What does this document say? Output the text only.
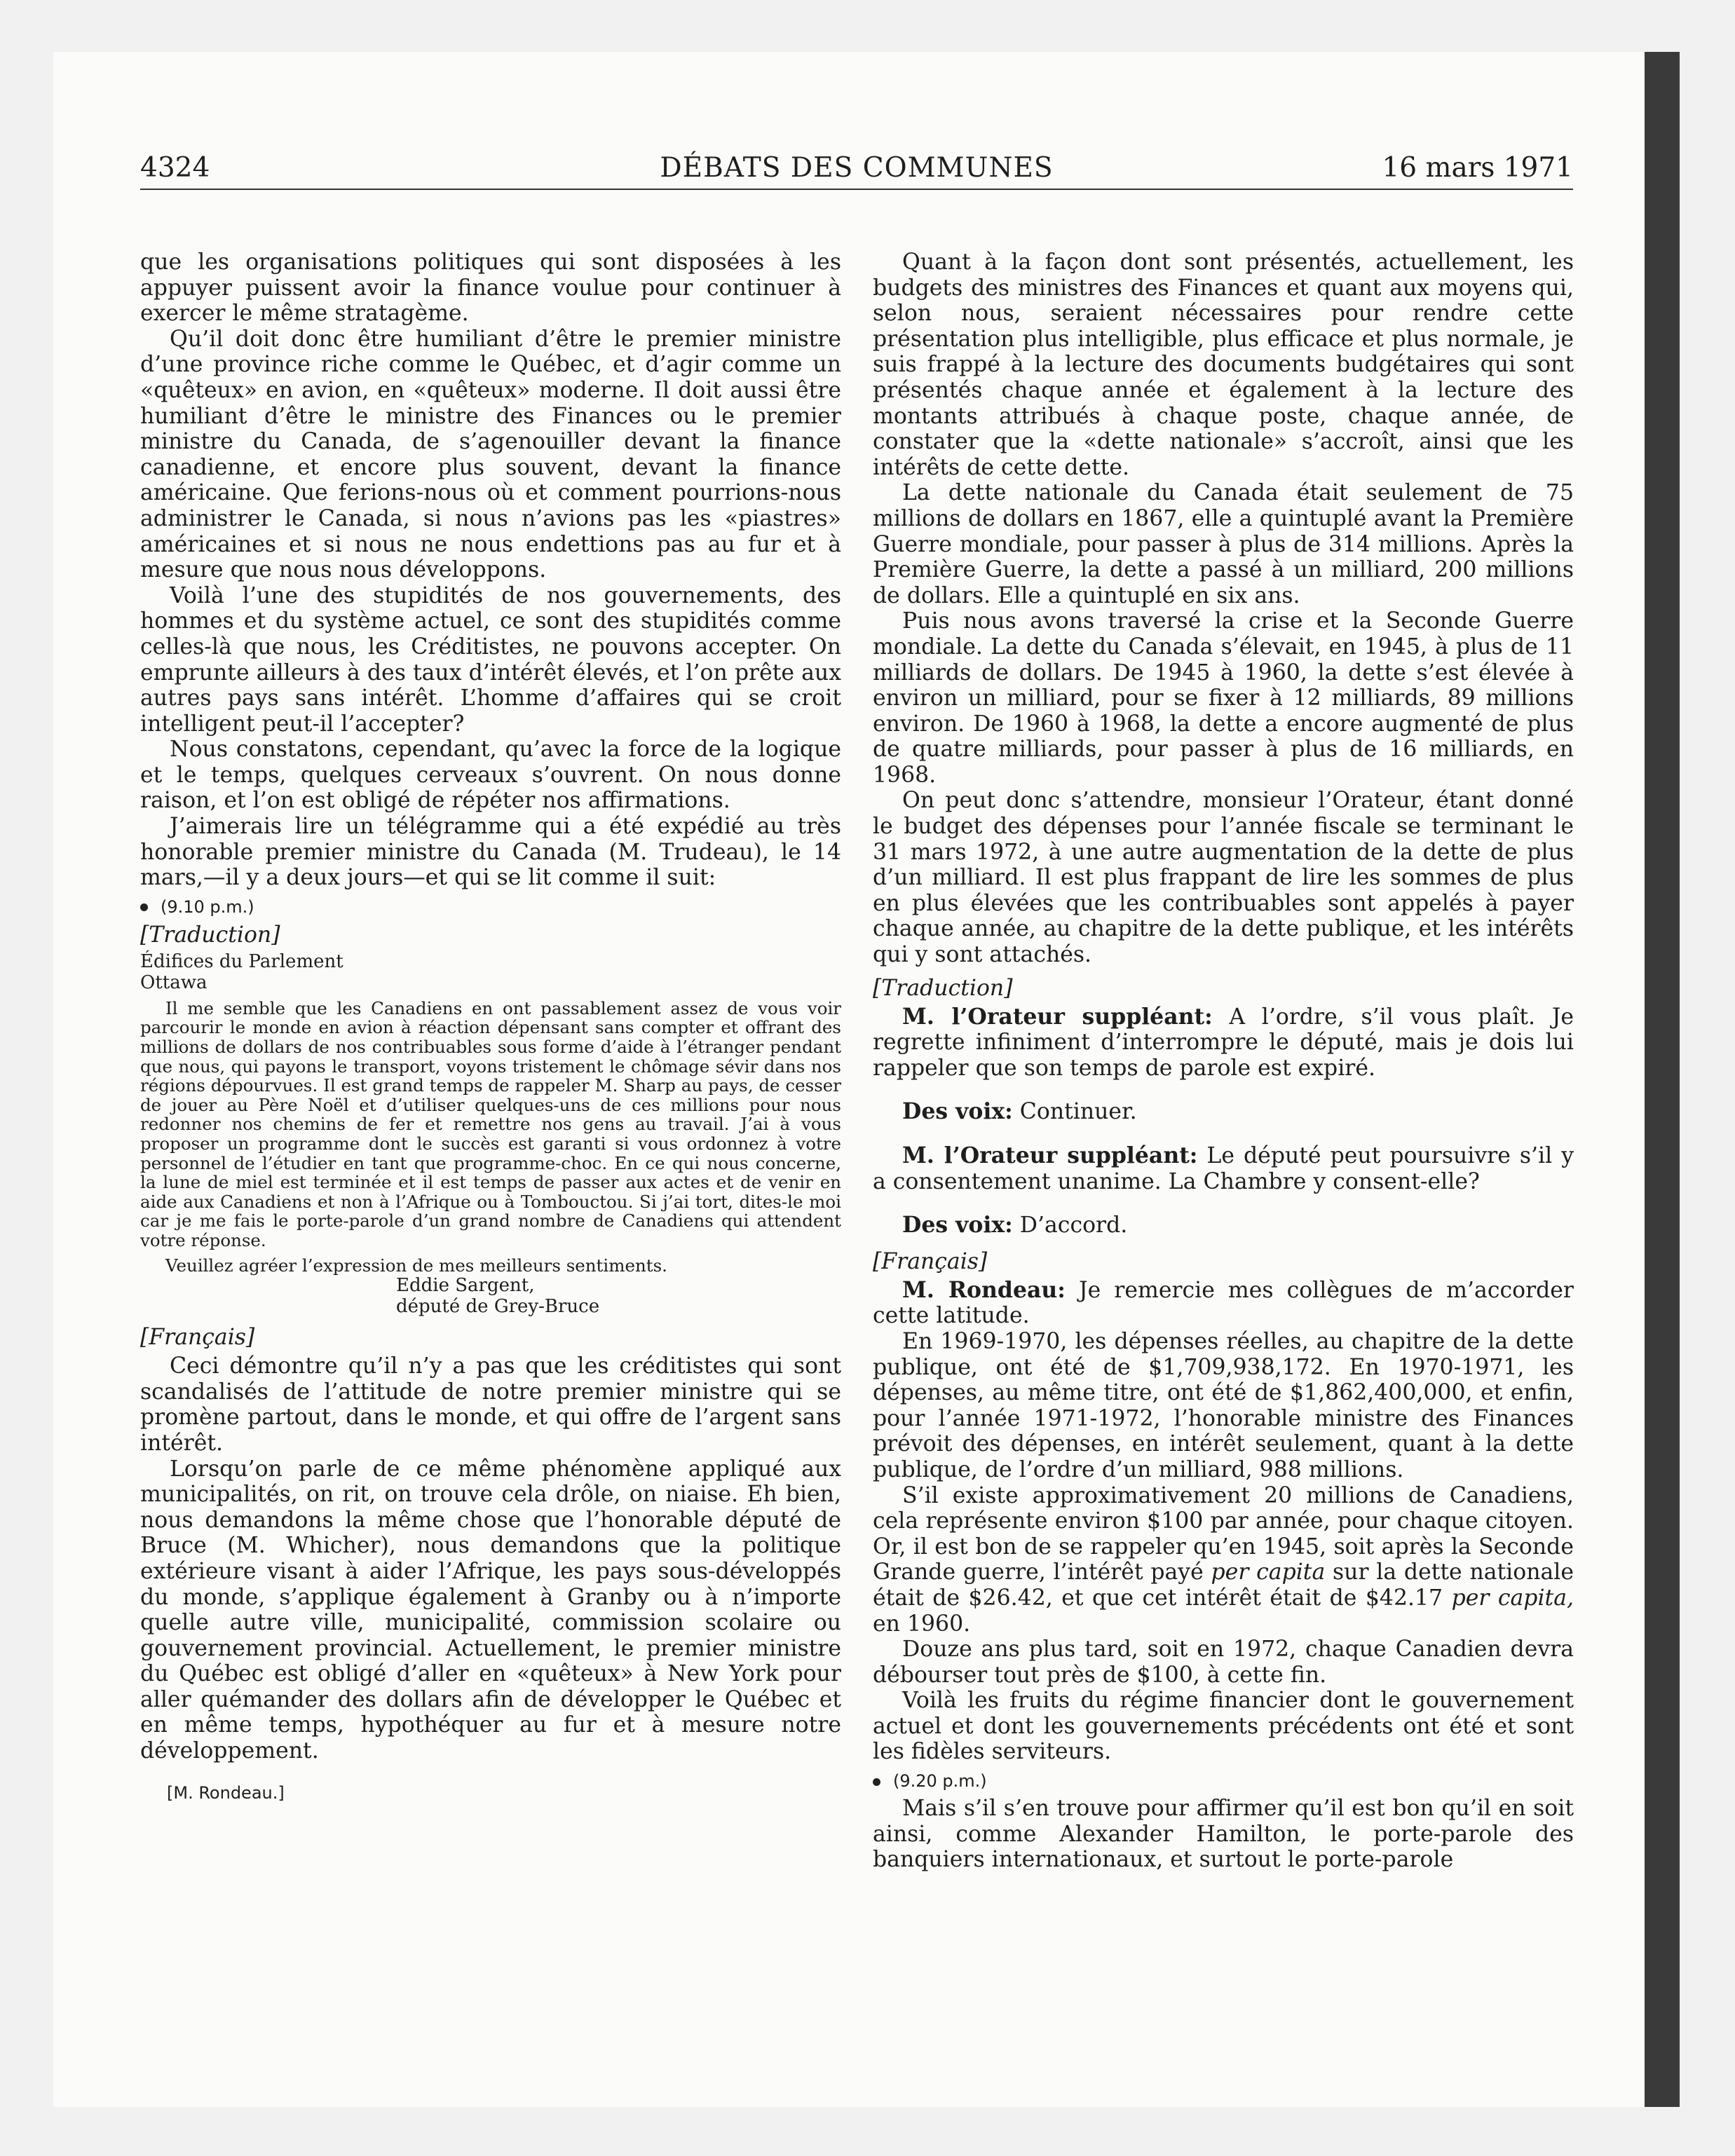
4324	DÉBATS DES COMMUNES	16 mars 1971

que les organisations politiques qui sont disposées à les appuyer puissent avoir la finance voulue pour continuer à exercer le même stratagème.

Qu’il doit donc être humiliant d’être le premier ministre d’une province riche comme le Québec, et d’agir comme un «quêteux» en avion, en «quêteux» moderne. Il doit aussi être humiliant d’être le ministre des Finances ou le premier ministre du Canada, de s’agenouiller devant la finance canadienne, et encore plus souvent, devant la finance américaine. Que ferions-nous où et comment pourrions-nous administrer le Canada, si nous n’avions pas les «piastres» américaines et si nous ne nous endettions pas au fur et à mesure que nous nous développons.

Voilà l’une des stupidités de nos gouvernements, des hommes et du système actuel, ce sont des stupidités comme celles-là que nous, les Créditistes, ne pouvons accepter. On emprunte ailleurs à des taux d’intérêt élevés, et l’on prête aux autres pays sans intérêt. L’homme d’affaires qui se croit intelligent peut-il l’accepter?

Nous constatons, cependant, qu’avec la force de la logique et le temps, quelques cerveaux s’ouvrent. On nous donne raison, et l’on est obligé de répéter nos affirmations.

J’aimerais lire un télégramme qui a été expédié au très honorable premier ministre du Canada (M. Trudeau), le 14 mars,—il y a deux jours—et qui se lit comme il suit:

(9.10 p.m.)
[Traduction]
Édifices du Parlement
Ottawa

Il me semble que les Canadiens en ont passablement assez de vous voir parcourir le monde en avion à réaction dépensant sans compter et offrant des millions de dollars de nos contribuables sous forme d’aide à l’étranger pendant que nous, qui payons le transport, voyons tristement le chômage sévir dans nos régions dépourvues. Il est grand temps de rappeler M. Sharp au pays, de cesser de jouer au Père Noël et d’utiliser quelques-uns de ces millions pour nous redonner nos chemins de fer et remettre nos gens au travail. J’ai à vous proposer un programme dont le succès est garanti si vous ordonnez à votre personnel de l’étudier en tant que programme-choc. En ce qui nous concerne, la lune de miel est terminée et il est temps de passer aux actes et de venir en aide aux Canadiens et non à l’Afrique ou à Tombouctou. Si j’ai tort, dites-le moi car je me fais le porte-parole d’un grand nombre de Canadiens qui attendent votre réponse.

Veuillez agréer l’expression de mes meilleurs sentiments.

Eddie Sargent,
député de Grey-Bruce
[Français]

Ceci démontre qu’il n’y a pas que les créditistes qui sont scandalisés de l’attitude de notre premier ministre qui se promène partout, dans le monde, et qui offre de l’argent sans intérêt.

Lorsqu’on parle de ce même phénomène appliqué aux municipalités, on rit, on trouve cela drôle, on niaise. Eh bien, nous demandons la même chose que l’honorable député de Bruce (M. Whicher), nous demandons que la politique extérieure visant à aider l’Afrique, les pays sous-développés du monde, s’applique également à Granby ou à n’importe quelle autre ville, municipalité, commission scolaire ou gouvernement provincial. Actuellement, le premier ministre du Québec est obligé d’aller en «quêteux» à New York pour aller quémander des dollars afin de développer le Québec et en même temps, hypothéquer au fur et à mesure notre développement.

[M. Rondeau.]

Quant à la façon dont sont présentés, actuellement, les budgets des ministres des Finances et quant aux moyens qui, selon nous, seraient nécessaires pour rendre cette présentation plus intelligible, plus efficace et plus normale, je suis frappé à la lecture des documents budgétaires qui sont présentés chaque année et également à la lecture des montants attribués à chaque poste, chaque année, de constater que la «dette nationale» s’accroît, ainsi que les intérêts de cette dette.

La dette nationale du Canada était seulement de 75 millions de dollars en 1867, elle a quintuplé avant la Première Guerre mondiale, pour passer à plus de 314 millions. Après la Première Guerre, la dette a passé à un milliard, 200 millions de dollars. Elle a quintuplé en six ans.

Puis nous avons traversé la crise et la Seconde Guerre mondiale. La dette du Canada s’élevait, en 1945, à plus de 11 milliards de dollars. De 1945 à 1960, la dette s’est élevée à environ un milliard, pour se fixer à 12 milliards, 89 millions environ. De 1960 à 1968, la dette a encore augmenté de plus de quatre milliards, pour passer à plus de 16 milliards, en 1968.

On peut donc s’attendre, monsieur l’Orateur, étant donné le budget des dépenses pour l’année fiscale se terminant le 31 mars 1972, à une autre augmentation de la dette de plus d’un milliard. Il est plus frappant de lire les sommes de plus en plus élevées que les contribuables sont appelés à payer chaque année, au chapitre de la dette publique, et les intérêts qui y sont attachés.

[Traduction]

M. l’Orateur suppléant: A l’ordre, s’il vous plaît. Je regrette infiniment d’interrompre le député, mais je dois lui rappeler que son temps de parole est expiré.

Des voix: Continuer.

M. l’Orateur suppléant: Le député peut poursuivre s’il y a consentement unanime. La Chambre y consent-elle?

Des voix: D’accord.

[Français]

M. Rondeau: Je remercie mes collègues de m’accorder cette latitude.

En 1969-1970, les dépenses réelles, au chapitre de la dette publique, ont été de $1,709,938,172. En 1970-1971, les dépenses, au même titre, ont été de $1,862,400,000, et enfin, pour l’année 1971-1972, l’honorable ministre des Finances prévoit des dépenses, en intérêt seulement, quant à la dette publique, de l’ordre d’un milliard, 988 millions.

S’il existe approximativement 20 millions de Canadiens, cela représente environ $100 par année, pour chaque citoyen. Or, il est bon de se rappeler qu’en 1945, soit après la Seconde Grande guerre, l’intérêt payé per capita sur la dette nationale était de $26.42, et que cet intérêt était de $42.17 per capita, en 1960.

Douze ans plus tard, soit en 1972, chaque Canadien devra débourser tout près de $100, à cette fin.

Voilà les fruits du régime financier dont le gouvernement actuel et dont les gouvernements précédents ont été et sont les fidèles serviteurs.

(9.20 p.m.)

Mais s’il s’en trouve pour affirmer qu’il est bon qu’il en soit ainsi, comme Alexander Hamilton, le porte-parole des banquiers internationaux, et surtout le porte-parole
